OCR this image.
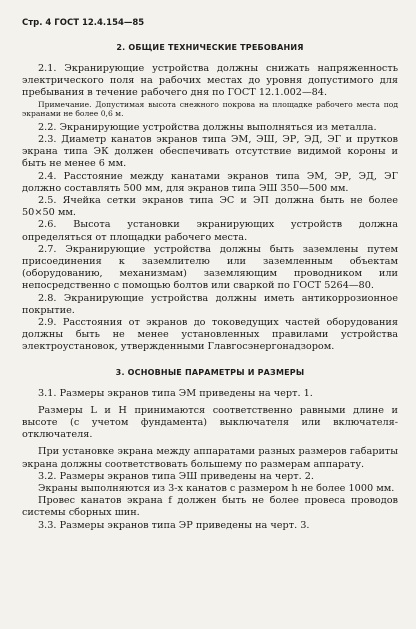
Стр. 4 ГОСТ 12.4.154—85
2. ОБЩИЕ ТЕХНИЧЕСКИЕ ТРЕБОВАНИЯ

2.1. Экранирующие устройства должны снижать напряженность электрического поля на рабочих местах до уровня допустимого для пребывания в течение рабочего дня по ГОСТ 12.1.002—84.

Примечание. Допустимая высота снежного покрова на площадке рабочего места под экранами не более 0,6 м.

2.2. Экранирующие устройства должны выполняться из металла.

2.3. Диаметр канатов экранов типа ЭМ, ЭШ, ЭР, ЭД, ЭГ и прутков экрана типа ЭК должен обеспечивать отсутствие видимой короны и быть не менее 6 мм.

2.4. Расстояние между канатами экранов типа ЭМ, ЭР, ЭД, ЭГ должно составлять 500 мм, для экранов типа ЭШ 350—500 мм.

2.5. Ячейка сетки экранов типа ЭС и ЭП должна быть не более 50×50 мм.

2.6. Высота установки экранирующих устройств должна определяться от площадки рабочего места.

2.7. Экранирующие устройства должны быть заземлены путем присоединения к заземлителю или заземленным объектам (оборудованию, механизмам) заземляющим проводником или непосредственно с помощью болтов или сваркой по ГОСТ 5264—80.

2.8. Экранирующие устройства должны иметь антикоррозионное покрытие.

2.9. Расстояния от экранов до токоведущих частей оборудования должны быть не менее установленных правилами устройства электроустановок, утвержденными Главгосэнергонадзором.

3. ОСНОВНЫЕ ПАРАМЕТРЫ И РАЗМЕРЫ

3.1. Размеры экранов типа ЭМ приведены на черт. 1.

Размеры L и H принимаются соответственно равными длине и высоте (с учетом фундамента) выключателя или включателя-отключателя.

При установке экрана между аппаратами разных размеров габариты экрана должны соответствовать большему по размерам аппарату.

3.2. Размеры экранов типа ЭШ приведены на черт. 2.

Экраны выполняются из 3-х канатов с размером h не более 1000 мм.

Провес канатов экрана f должен быть не более провеса проводов системы сборных шин.

3.3. Размеры экранов типа ЭР приведены на черт. 3.
